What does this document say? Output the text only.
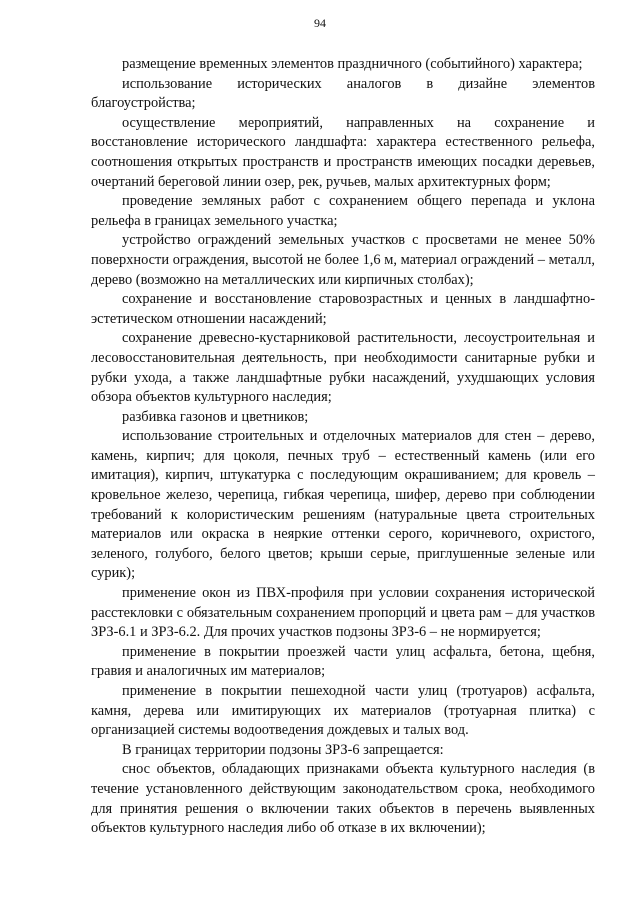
94

размещение временных элементов праздничного (событийного) характера;

использование исторических аналогов в дизайне элементов благоустройства;

осуществление мероприятий, направленных на сохранение и восстановление исторического ландшафта: характера естественного рельефа, соотношения открытых пространств и пространств имеющих посадки деревьев, очертаний береговой линии озер, рек, ручьев, малых архитектурных форм;

проведение земляных работ с сохранением общего перепада и уклона рельефа в границах земельного участка;

устройство ограждений земельных участков с просветами не менее 50% поверхности ограждения, высотой не более 1,6 м, материал ограждений – металл, дерево (возможно на металлических или кирпичных столбах);

сохранение и восстановление старовозрастных и ценных в ландшафтно-эстетическом отношении насаждений;

сохранение древесно-кустарниковой растительности, лесоустроительная и лесовосстановительная деятельность, при необходимости санитарные рубки и рубки ухода, а также ландшафтные рубки насаждений, ухудшающих условия обзора объектов культурного наследия;

разбивка газонов и цветников;

использование строительных и отделочных материалов для стен – дерево, камень, кирпич; для цоколя, печных труб – естественный камень (или его имитация), кирпич, штукатурка с последующим окрашиванием; для кровель – кровельное железо, черепица, гибкая черепица, шифер, дерево при соблюдении требований к колористическим решениям (натуральные цвета строительных материалов или окраска в неяркие оттенки серого, коричневого, охристого, зеленого, голубого, белого цветов; крыши серые, приглушенные зеленые или сурик);

применение окон из ПВХ-профиля при условии сохранения исторической расстекловки с обязательным сохранением пропорций и цвета рам – для участков ЗРЗ-6.1 и ЗРЗ-6.2. Для прочих участков подзоны ЗРЗ-6 – не нормируется;

применение в покрытии проезжей части улиц асфальта, бетона, щебня, гравия и аналогичных им материалов;

применение в покрытии пешеходной части улиц (тротуаров) асфальта, камня, дерева или имитирующих их материалов (тротуарная плитка) с организацией системы водоотведения дождевых и талых вод.

В границах территории подзоны ЗРЗ-6 запрещается:

снос объектов, обладающих признаками объекта культурного наследия (в течение установленного действующим законодательством срока, необходимого для принятия решения о включении таких объектов в перечень выявленных объектов культурного наследия либо об отказе в их включении);
